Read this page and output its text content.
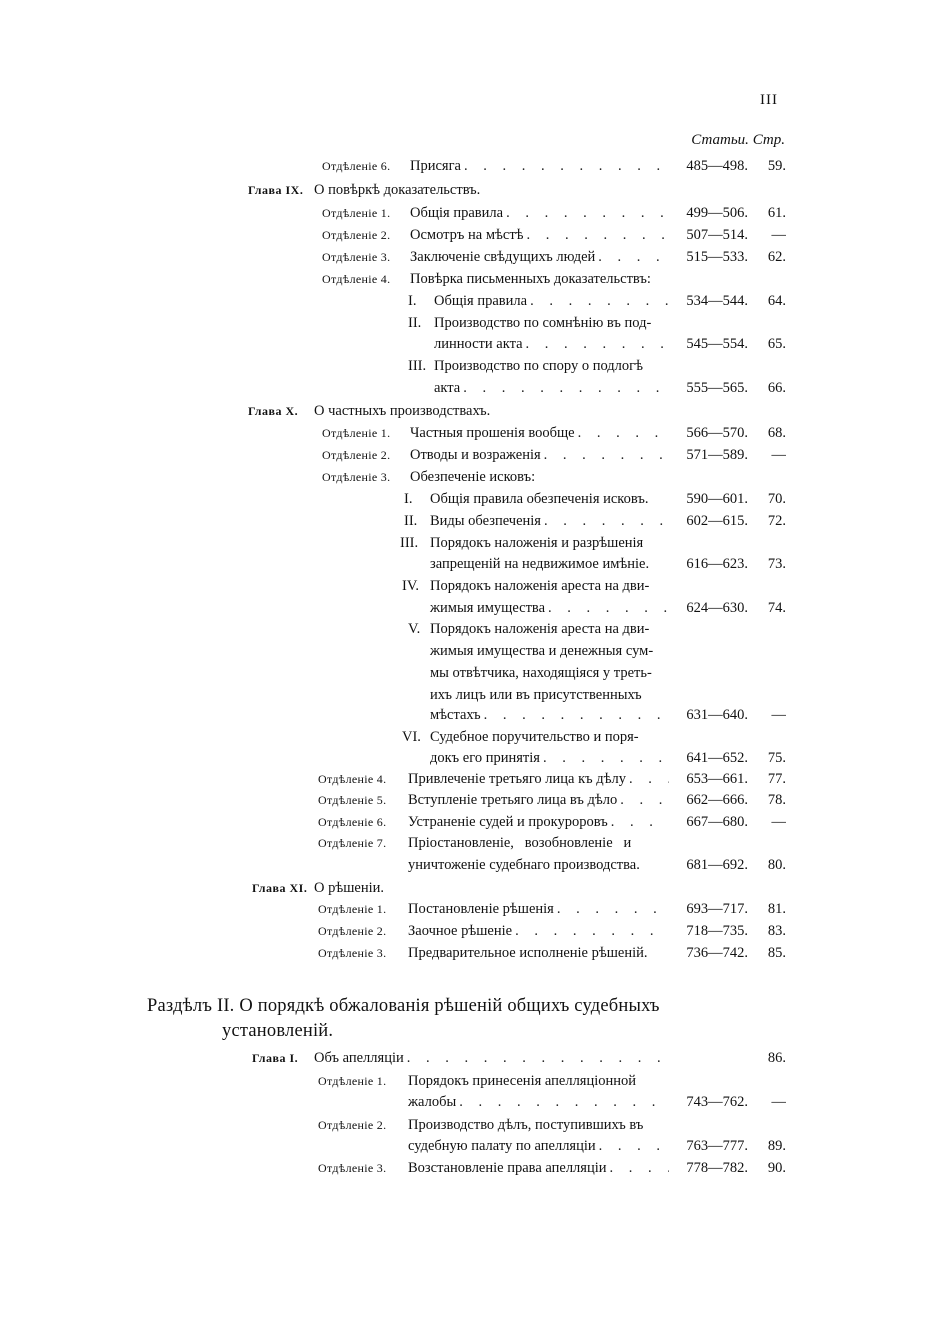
III
Статьи. Стр.
Отдѣленіе 6.	Присяга . . .	485—498.	59.
Глава IX. О повѣркѣ доказательствъ.
Отдѣленіе 1.	Общія правила . . .	499—506.	61.
Отдѣленіе 2.	Осмотръ на мѣстѣ . . .	507—514.	—
Отдѣленіе 3.	Заключеніе свѣдущихъ людей . . .	515—533.	62.
Отдѣленіе 4.	Повѣрка письменныхъ доказательствъ:
I.	Общія правила . . .	534—544.	64.
II. Производство по сомнѣнію въ под-
линности акта . . .	545—554.	65.
III. Производство по спору о подлогѣ
акта . . .	555—565.	66.
Глава X.	О частныхъ производствахъ.
Отдѣленіе 1.	Частныя прошенія вообще . . .	566—570.	68.
Отдѣленіе 2.	Отводы и возраженія . . .	571—589.	—
Отдѣленіе 3.	Обезпеченіе исковъ:
I.	Общія правила обезпеченія исковъ.	590—601.	70.
II. Виды обезпеченія . . .	602—615.	72.
III. Порядокъ наложенія и разрѣшенія
запрещеній на недвижимое имѣніе.	616—623.	73.
IV. Порядокъ наложенія ареста на дви-
жимыя имущества . . .	624—630.	74.
V. Порядокъ наложенія ареста на дви-
жимыя имущества и денежныя сум-
мы отвѣтчика, находящіяся у треть-
ихъ лицъ или въ присутственныхъ
мѣстахъ . . .	631—640.	—
VI. Судебное поручительство и поря-
докъ его принятія . . .	641—652.	75.
Отдѣленіе 4.	Привлеченіе третьяго лица къ дѣлу . . .	653—661.	77.
Отдѣленіе 5.	Вступленіе третьяго лица въ дѣло . . .	662—666.	78.
Отдѣленіе 6.	Устраненіе судей и прокуроровъ . . .	667—680.	—
Отдѣленіе 7.	Пріостановленіе,   возобновленіе   и
уничтоженіе судебнаго производства.	681—692.	80.
Глава XI. О рѣшеніи.
Отдѣленіе 1.	Постановленіе рѣшенія . . .	693—717.	81.
Отдѣленіе 2.	Заочное рѣшеніе . . .	718—735.	83.
Отдѣленіе 3.	Предварительное исполненіе рѣшеній.	736—742.	85.
Раздѣлъ II. О порядкѣ обжалованія рѣшеній общихъ судебныхъ
установленій.
Глава I.	Объ апелляціи . . .	86.
Отдѣленіе 1.	Порядокъ принесенія апелляціонной
жалобы . . .	743—762.	—
Отдѣленіе 2.	Производство дѣлъ, поступившихъ въ
судебную палату по апелляціи . . .	763—777.	89.
Отдѣленіе 3.	Возстановленіе права апелляціи . . .	778—782.	90.
